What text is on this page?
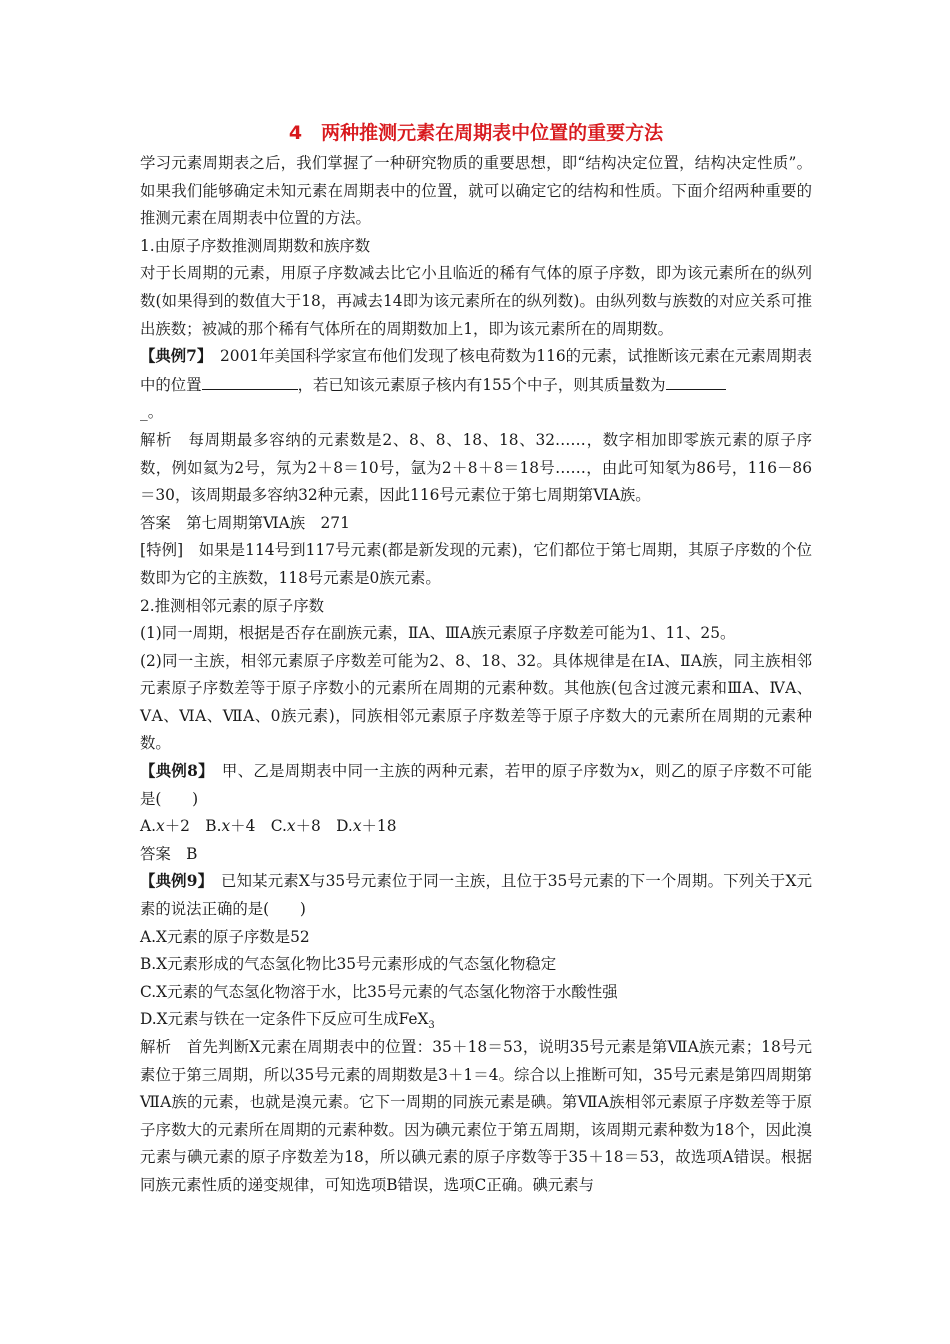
4　两种推测元素在周期表中位置的重要方法

学习元素周期表之后，我们掌握了一种研究物质的重要思想，即“结构决定位置，结构决定性质”。如果我们能够确定未知元素在周期表中的位置，就可以确定它的结构和性质。下面介绍两种重要的推测元素在周期表中位置的方法。

1.由原子序数推测周期数和族序数

对于长周期的元素，用原子序数减去比它小且临近的稀有气体的原子序数，即为该元素所在的纵列数(如果得到的数值大于18，再减去14即为该元素所在的纵列数)。由纵列数与族数的对应关系可推出族数；被减的那个稀有气体所在的周期数加上1，即为该元素所在的周期数。

【典例7】　2001年美国科学家宣布他们发现了核电荷数为116的元素，试推断该元素在元素周期表中的位置	，若已知该元素原子核内有155个中子，则其质量数为
_。

解析　每周期最多容纳的元素数是2、8、8、18、18、32……，数字相加即零族元素的原子序数，例如氦为2号，氖为2＋8＝10号，氩为2＋8＋8＝18号……，由此可知氡为86号，116－86＝30，该周期最多容纳32种元素，因此116号元素位于第七周期第ⅥA族。

答案　第七周期第ⅥA族　271

[特例]　如果是114号到117号元素(都是新发现的元素)，它们都位于第七周期，其原子序数的个位数即为它的主族数，118号元素是0族元素。

2.推测相邻元素的原子序数

(1)同一周期，根据是否存在副族元素，ⅡA、ⅢA族元素原子序数差可能为1、11、25。

(2)同一主族，相邻元素原子序数差可能为2、8、18、32。具体规律是在ⅠA、ⅡA族，同主族相邻元素原子序数差等于原子序数小的元素所在周期的元素种数。其他族(包含过渡元素和ⅢA、ⅣA、ⅤA、ⅥA、ⅦA、0族元素)，同族相邻元素原子序数差等于原子序数大的元素所在周期的元素种数。

【典例8】　甲、乙是周期表中同一主族的两种元素，若甲的原子序数为x，则乙的原子序数不可能是(　　)

A.x＋2　B.x＋4　C.x＋8　D.x＋18

答案　B

【典例9】　已知某元素X与35号元素位于同一主族，且位于35号元素的下一个周期。下列关于X元素的说法正确的是(　　)

A.X元素的原子序数是52

B.X元素形成的气态氢化物比35号元素形成的气态氢化物稳定

C.X元素的气态氢化物溶于水，比35号元素的气态氢化物溶于水酸性强

D.X元素与铁在一定条件下反应可生成FeX$_3$

解析　首先判断X元素在周期表中的位置：35＋18＝53，说明35号元素是第ⅦA族元素；18号元素位于第三周期，所以35号元素的周期数是3＋1＝4。综合以上推断可知，35号元素是第四周期第ⅦA族的元素，也就是溴元素。它下一周期的同族元素是碘。第ⅦA族相邻元素原子序数差等于原子序数大的元素所在周期的元素种数。因为碘元素位于第五周期，该周期元素种数为18个，因此溴元素与碘元素的原子序数差为18，所以碘元素的原子序数等于35＋18＝53，故选项A错误。根据同族元素性质的递变规律，可知选项B错误，选项C正确。碘元素与
